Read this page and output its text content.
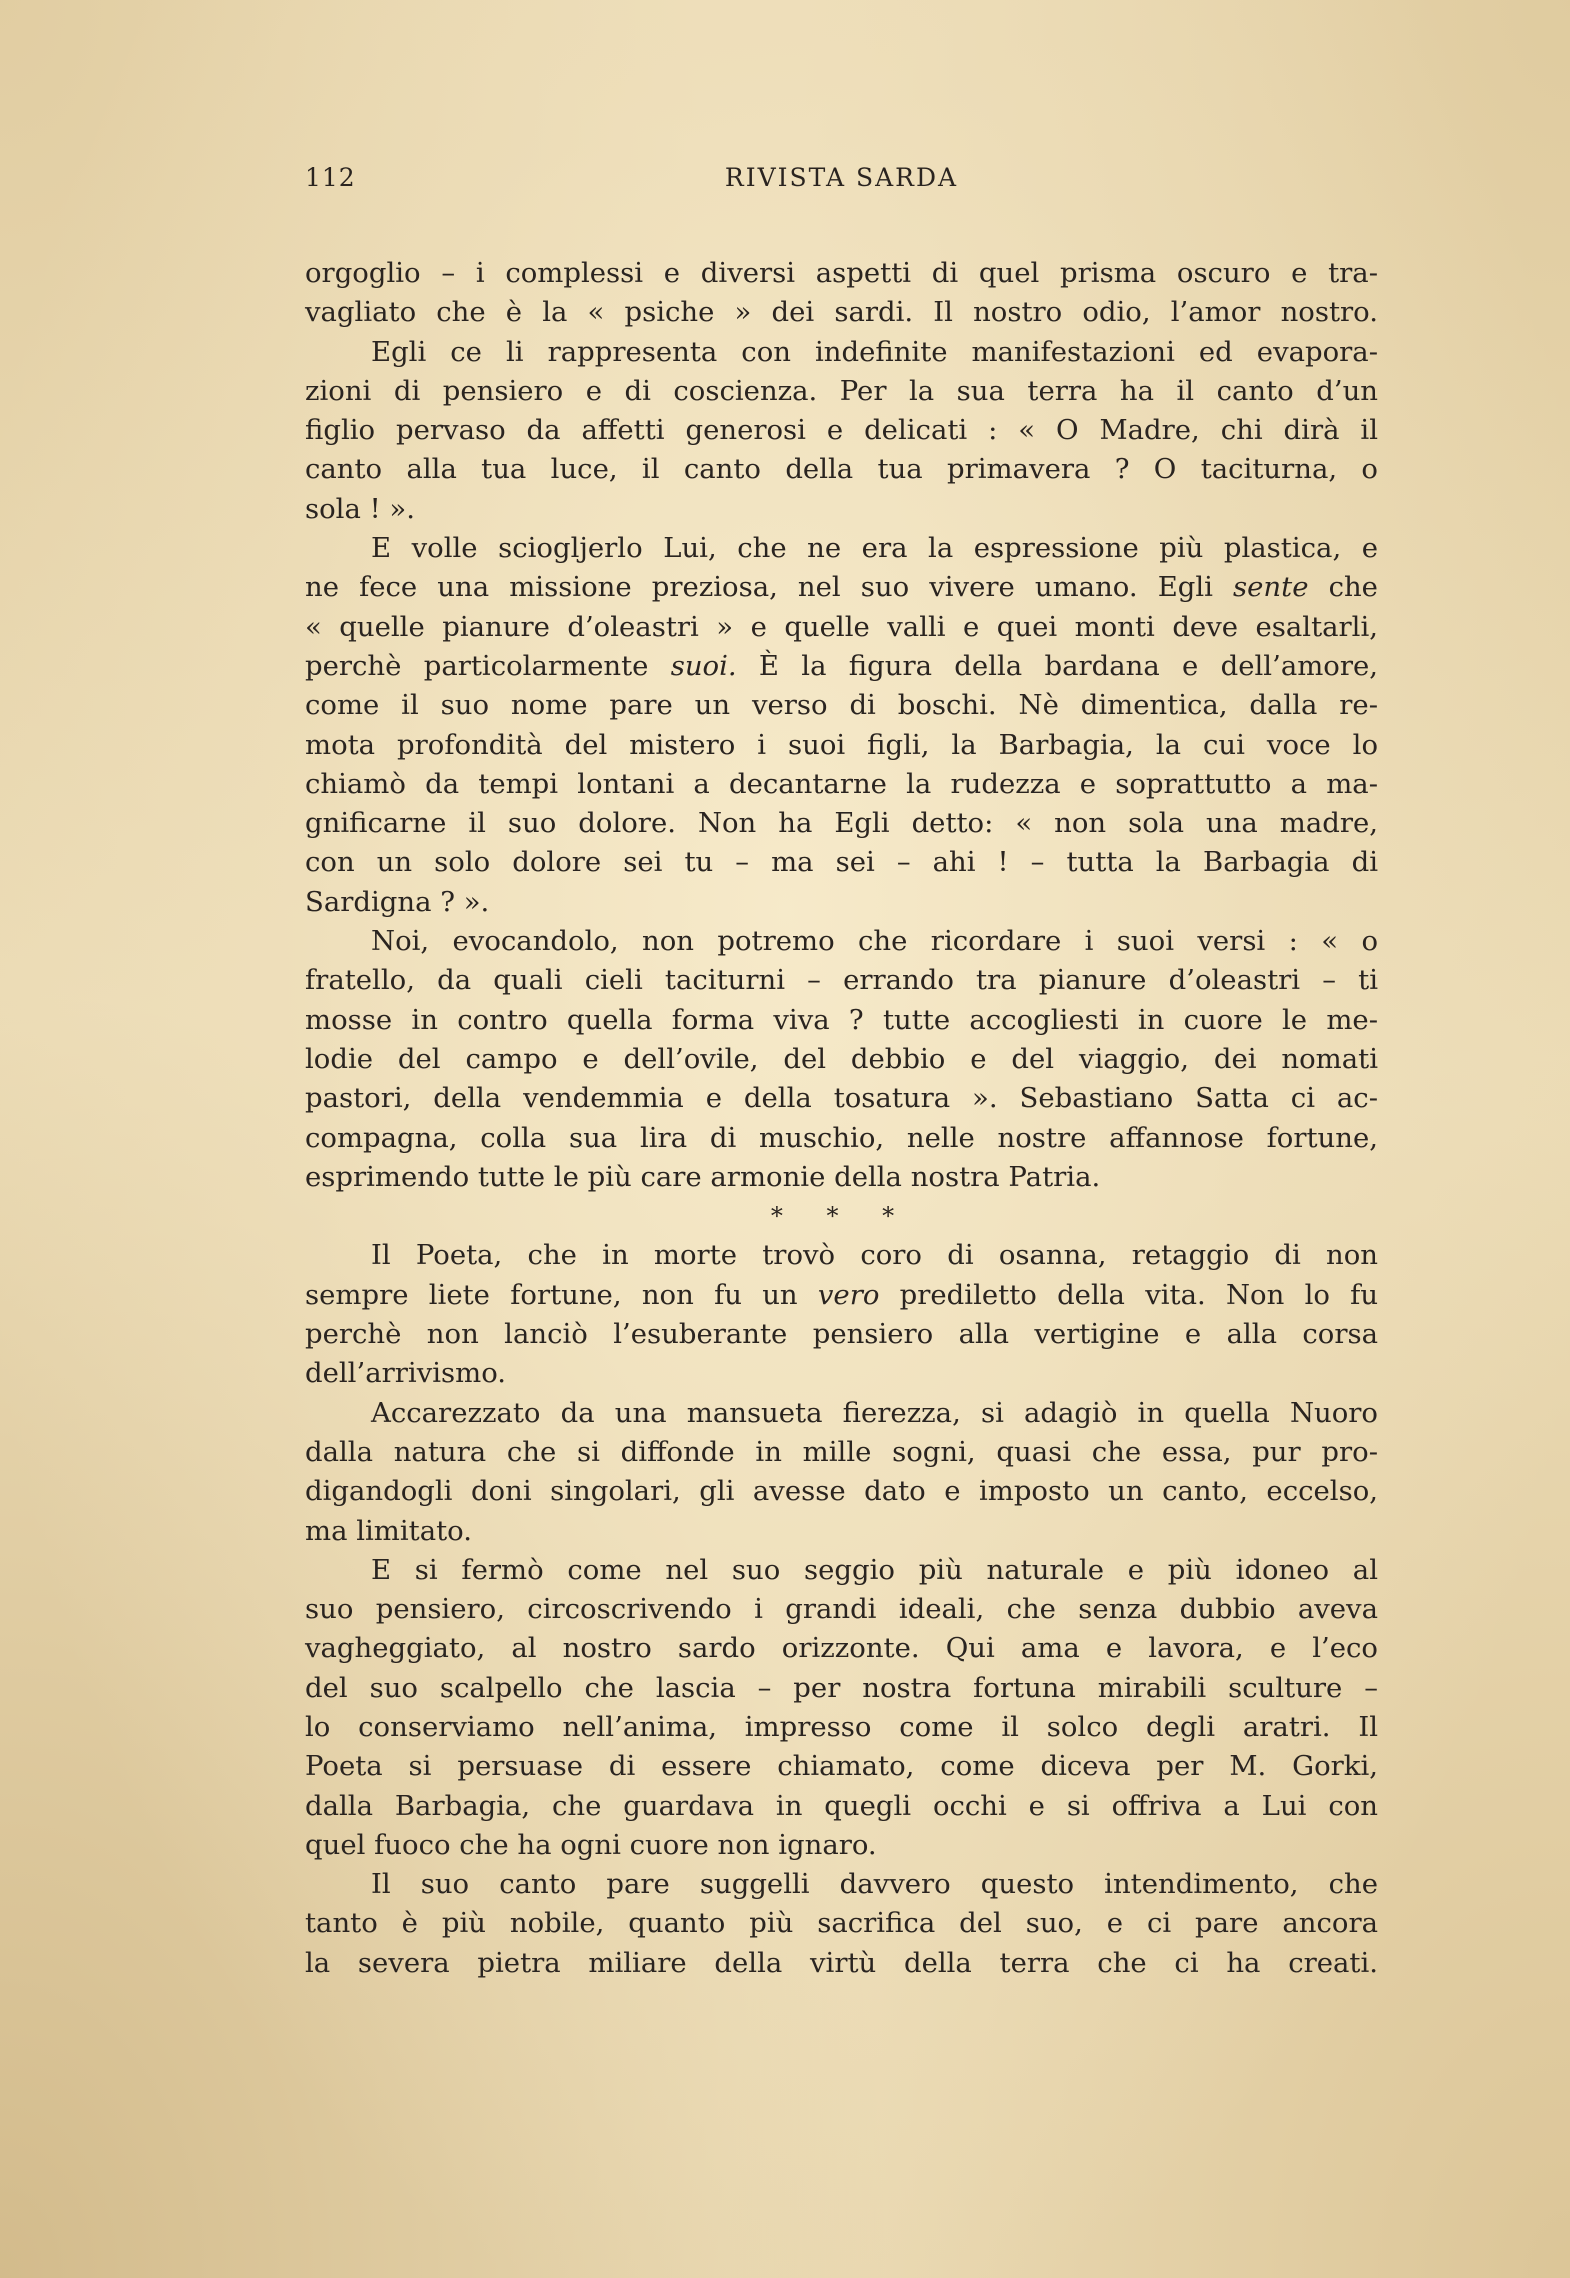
112	RIVISTA SARDA
orgoglio – i complessi e diversi aspetti di quel prisma oscuro e tra-
vagliato che è la « psiche » dei sardi. Il nostro odio, l’amor nostro.
Egli ce li rappresenta con indefinite manifestazioni ed evapora-
zioni di pensiero e di coscienza. Per la sua terra ha il canto d’un
figlio pervaso da affetti generosi e delicati : « O Madre, chi dirà il
canto alla tua luce, il canto della tua primavera ? O taciturna, o
sola ! ».
E volle sciogljerlo Lui, che ne era la espressione più plastica, e
ne fece una missione preziosa, nel suo vivere umano. Egli sente che
« quelle pianure d’oleastri » e quelle valli e quei monti deve esaltarli,
perchè particolarmente suoi. È la figura della bardana e dell’amore,
come il suo nome pare un verso di boschi. Nè dimentica, dalla re-
mota profondità del mistero i suoi figli, la Barbagia, la cui voce lo
chiamò da tempi lontani a decantarne la rudezza e soprattutto a ma-
gnificarne il suo dolore. Non ha Egli detto: « non sola una madre,
con un solo dolore sei tu – ma sei – ahi ! – tutta la Barbagia di
Sardigna ? ».
Noi, evocandolo, non potremo che ricordare i suoi versi : « o
fratello, da quali cieli taciturni – errando tra pianure d’oleastri – ti
mosse in contro quella forma viva ? tutte accogliesti in cuore le me-
lodie del campo e dell’ovile, del debbio e del viaggio, dei nomati
pastori, della vendemmia e della tosatura ». Sebastiano Satta ci ac-
compagna, colla sua lira di muschio, nelle nostre affannose fortune,
esprimendo tutte le più care armonie della nostra Patria.
* * *
Il Poeta, che in morte trovò coro di osanna, retaggio di non
sempre liete fortune, non fu un vero prediletto della vita. Non lo fu
perchè non lanciò l’esuberante pensiero alla vertigine e alla corsa
dell’arrivismo.
Accarezzato da una mansueta fierezza, si adagiò in quella Nuoro
dalla natura che si diffonde in mille sogni, quasi che essa, pur pro-
digandogli doni singolari, gli avesse dato e imposto un canto, eccelso,
ma limitato.
E si fermò come nel suo seggio più naturale e più idoneo al
suo pensiero, circoscrivendo i grandi ideali, che senza dubbio aveva
vagheggiato, al nostro sardo orizzonte. Qui ama e lavora, e l’eco
del suo scalpello che lascia – per nostra fortuna mirabili sculture –
lo conserviamo nell’anima, impresso come il solco degli aratri. Il
Poeta si persuase di essere chiamato, come diceva per M. Gorki,
dalla Barbagia, che guardava in quegli occhi e si offriva a Lui con
quel fuoco che ha ogni cuore non ignaro.
Il suo canto pare suggelli davvero questo intendimento, che
tanto è più nobile, quanto più sacrifica del suo, e ci pare ancora
la severa pietra miliare della virtù della terra che ci ha creati.
